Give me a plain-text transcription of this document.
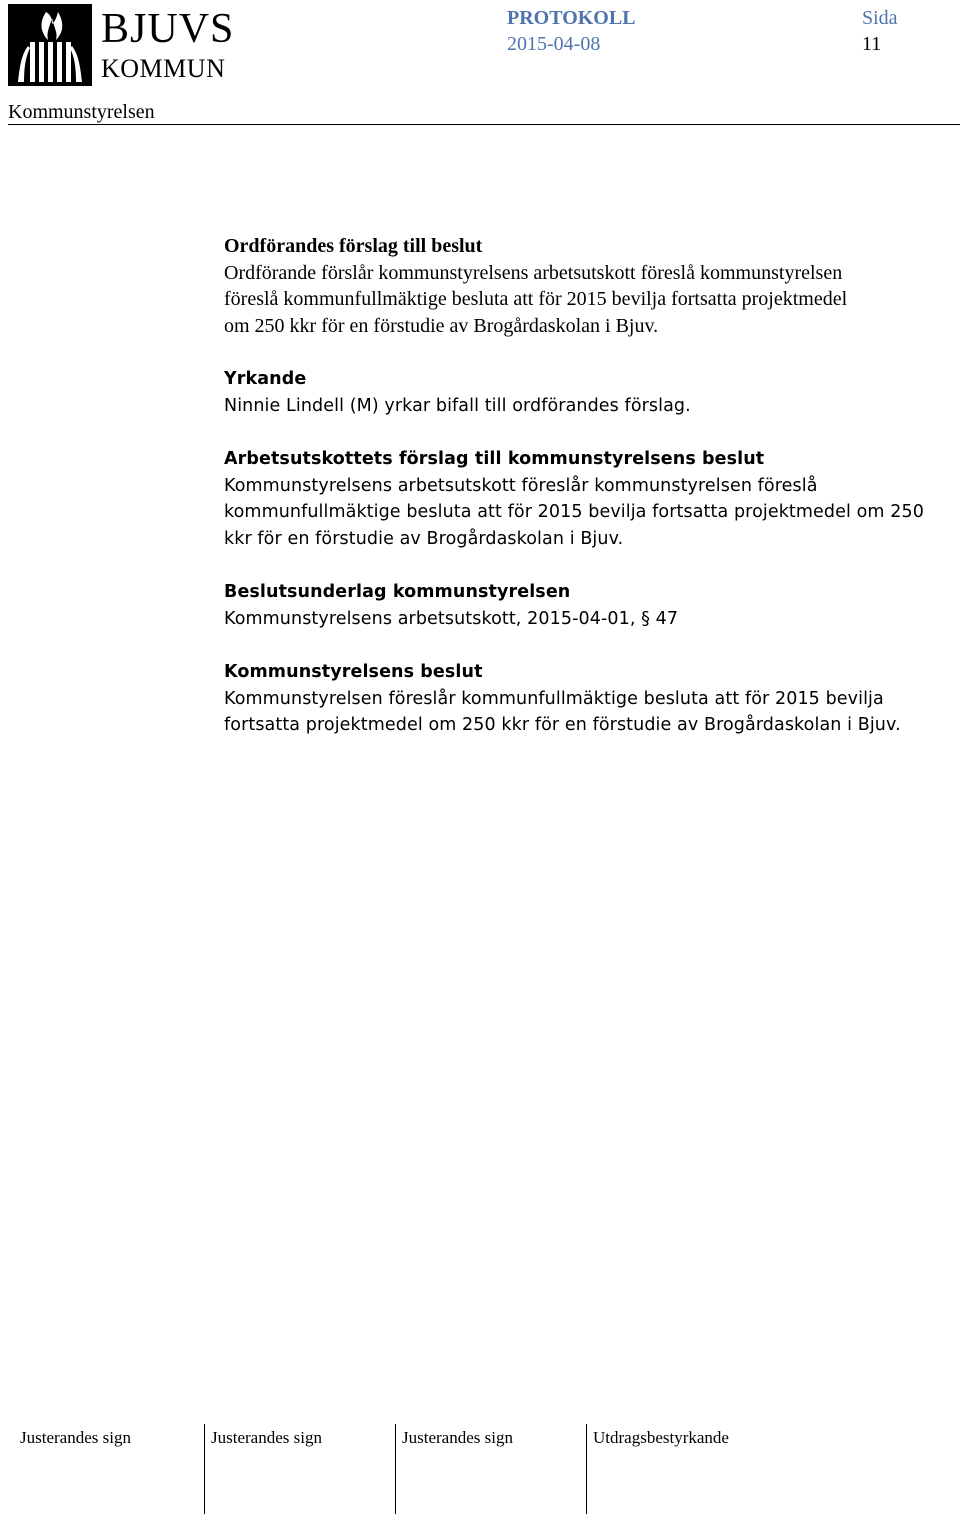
BJUVS
KOMMUN
PROTOKOLL
2015-04-08
Sida
11
Kommunstyrelsen
Ordförandes förslag till beslut

Ordförande förslår kommunstyrelsens arbetsutskott föreslå kommunstyrelsen

föreslå kommunfullmäktige besluta att för 2015 bevilja fortsatta projektmedel

om 250 kkr för en förstudie av Brogårdaskolan i Bjuv.

Yrkande

Ninnie Lindell (M) yrkar bifall till ordförandes förslag.

Arbetsutskottets förslag till kommunstyrelsens beslut

Kommunstyrelsens arbetsutskott föreslår kommunstyrelsen föreslå

kommunfullmäktige besluta att för 2015 bevilja fortsatta projektmedel om 250

kkr för en förstudie av Brogårdaskolan i Bjuv.

Beslutsunderlag kommunstyrelsen

Kommunstyrelsens arbetsutskott, 2015-04-01, § 47

Kommunstyrelsens beslut

Kommunstyrelsen föreslår kommunfullmäktige besluta att för 2015 bevilja

fortsatta projektmedel om 250 kkr för en förstudie av Brogårdaskolan i Bjuv.

Justerandes sign	Justerandes sign	Justerandes sign	Utdragsbestyrkande
